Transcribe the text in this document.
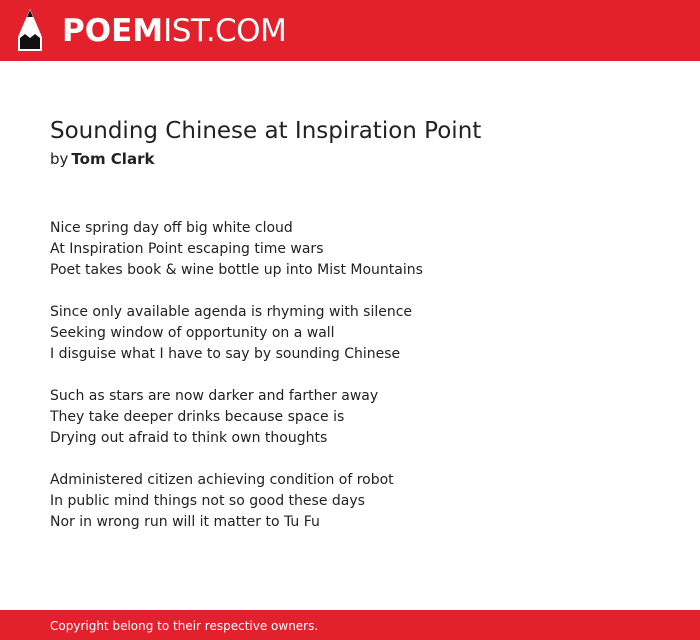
POEMIST.COM
Sounding Chinese at Inspiration Point
by Tom Clark
Nice spring day off big white cloud
At Inspiration Point escaping time wars
Poet takes book & wine bottle up into Mist Mountains
Since only available agenda is rhyming with silence
Seeking window of opportunity on a wall
I disguise what I have to say by sounding Chinese
Such as stars are now darker and farther away
They take deeper drinks because space is
Drying out afraid to think own thoughts
Administered citizen achieving condition of robot
In public mind things not so good these days
Nor in wrong run will it matter to Tu Fu
Copyright belong to their respective owners.
